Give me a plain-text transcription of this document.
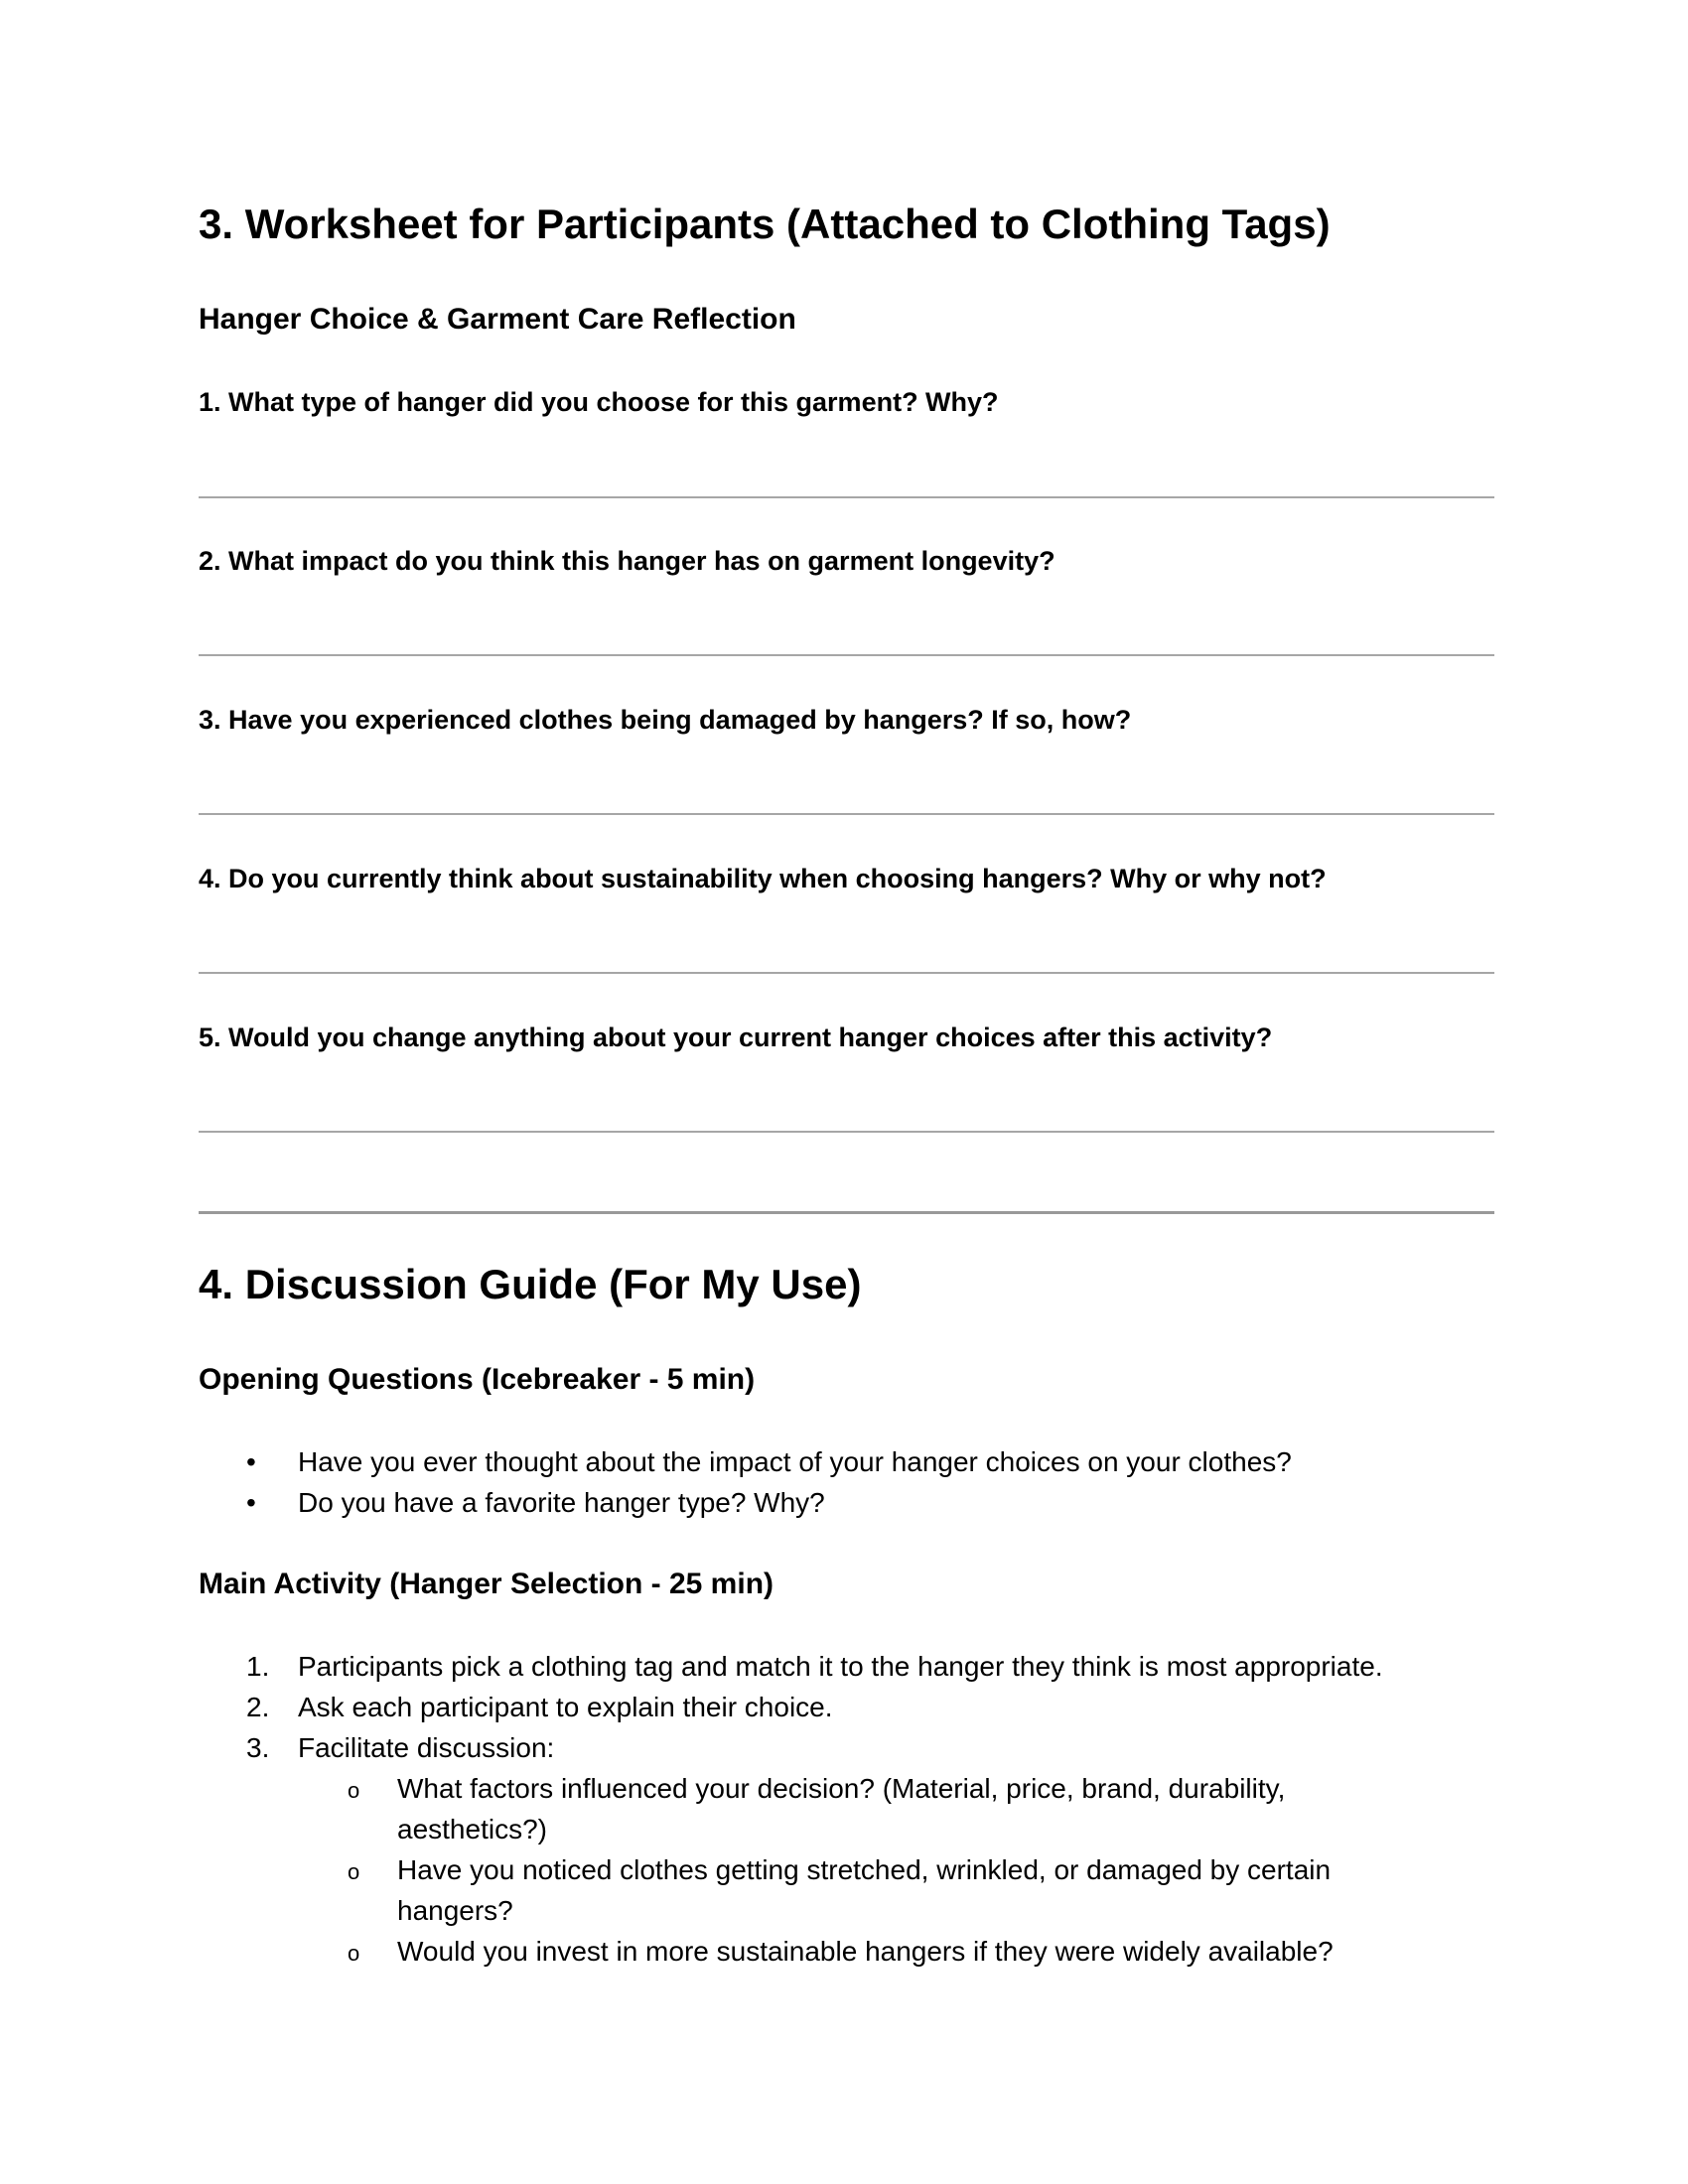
3. Worksheet for Participants (Attached to Clothing Tags)
Hanger Choice & Garment Care Reflection

1. What type of hanger did you choose for this garment? Why?

2. What impact do you think this hanger has on garment longevity?

3. Have you experienced clothes being damaged by hangers? If so, how?

4. Do you currently think about sustainability when choosing hangers? Why or why not?

5. Would you change anything about your current hanger choices after this activity?

4. Discussion Guide (For My Use)
Opening Questions (Icebreaker - 5 min)
• Have you ever thought about the impact of your hanger choices on your clothes?
• Do you have a favorite hanger type? Why?
Main Activity (Hanger Selection - 25 min)
1. Participants pick a clothing tag and match it to the hanger they think is most appropriate.
2. Ask each participant to explain their choice.
3. Facilitate discussion:
o What factors influenced your decision? (Material, price, brand, durability, aesthetics?)
o Have you noticed clothes getting stretched, wrinkled, or damaged by certain hangers?
o Would you invest in more sustainable hangers if they were widely available?
